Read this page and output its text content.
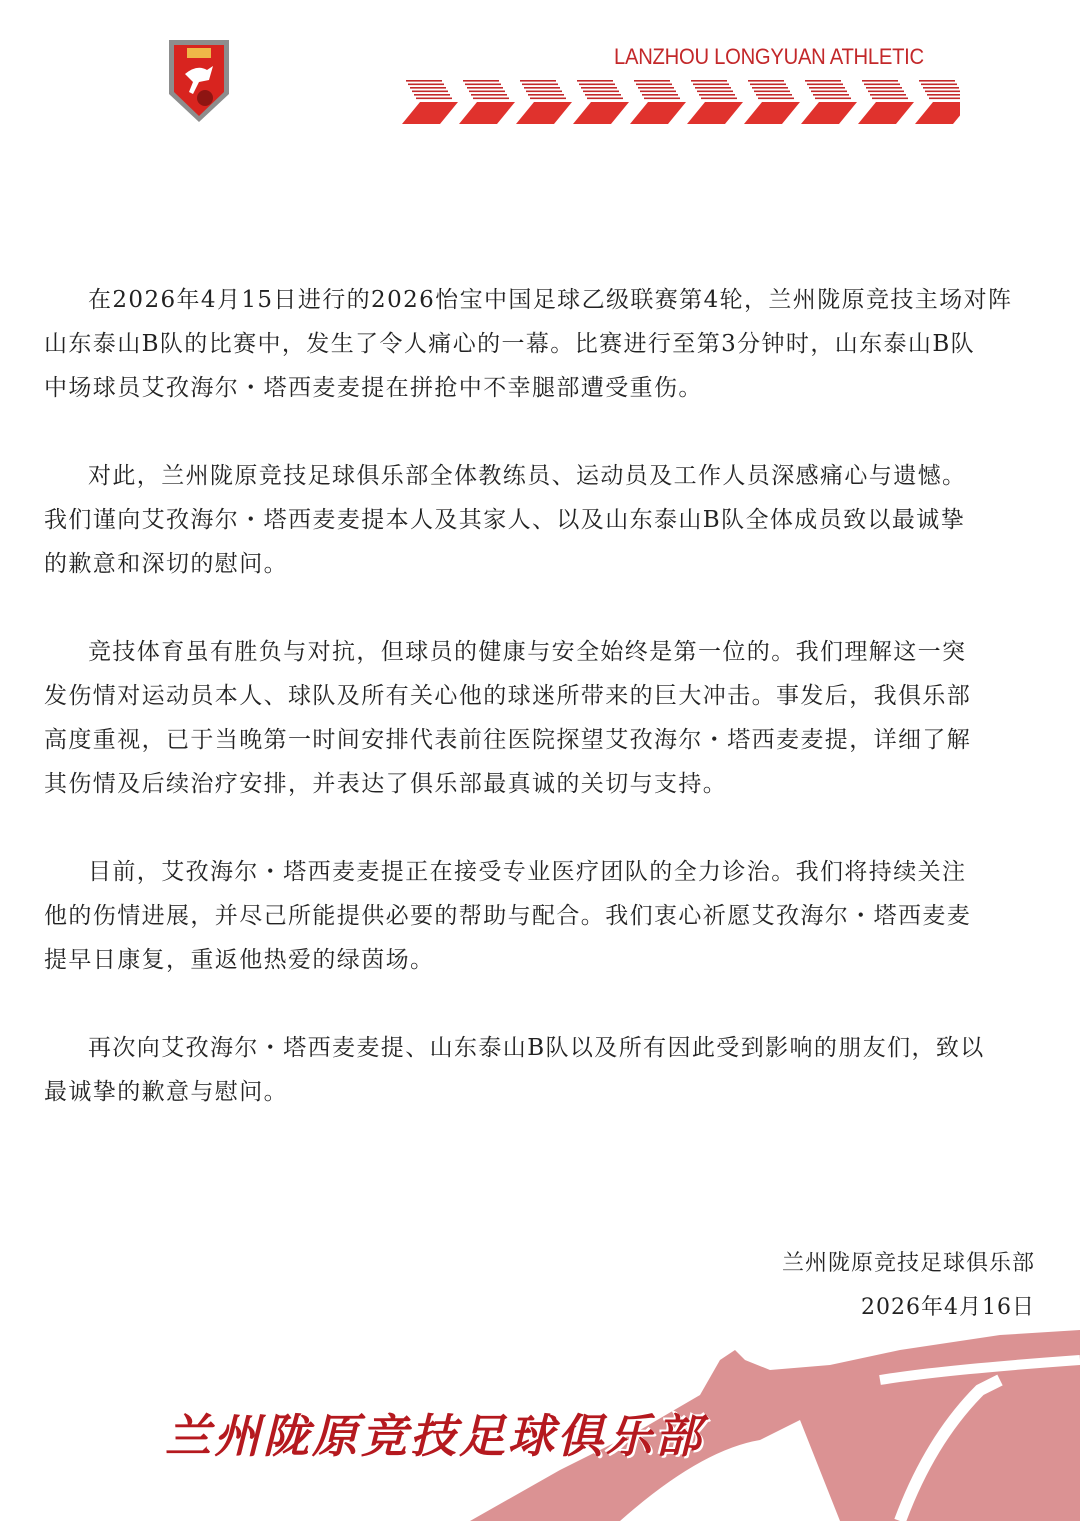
LANZHOU LONGYUAN ATHLETIC
在2026年4月15日进行的2026怡宝中国足球乙级联赛第4轮，兰州陇原竞技主场对阵
山东泰山B队的比赛中，发生了令人痛心的一幕。比赛进行至第3分钟时，山东泰山B队
中场球员艾孜海尔・塔西麦麦提在拼抢中不幸腿部遭受重伤。
对此，兰州陇原竞技足球俱乐部全体教练员、运动员及工作人员深感痛心与遗憾。
我们谨向艾孜海尔・塔西麦麦提本人及其家人、以及山东泰山B队全体成员致以最诚挚
的歉意和深切的慰问。
竞技体育虽有胜负与对抗，但球员的健康与安全始终是第一位的。我们理解这一突
发伤情对运动员本人、球队及所有关心他的球迷所带来的巨大冲击。事发后，我俱乐部
高度重视，已于当晚第一时间安排代表前往医院探望艾孜海尔・塔西麦麦提，详细了解
其伤情及后续治疗安排，并表达了俱乐部最真诚的关切与支持。
目前，艾孜海尔・塔西麦麦提正在接受专业医疗团队的全力诊治。我们将持续关注
他的伤情进展，并尽己所能提供必要的帮助与配合。我们衷心祈愿艾孜海尔・塔西麦麦
提早日康复，重返他热爱的绿茵场。
再次向艾孜海尔・塔西麦麦提、山东泰山B队以及所有因此受到影响的朋友们，致以
最诚挚的歉意与慰问。
兰州陇原竞技足球俱乐部
2026年4月16日
兰州陇原竞技足球俱乐部
